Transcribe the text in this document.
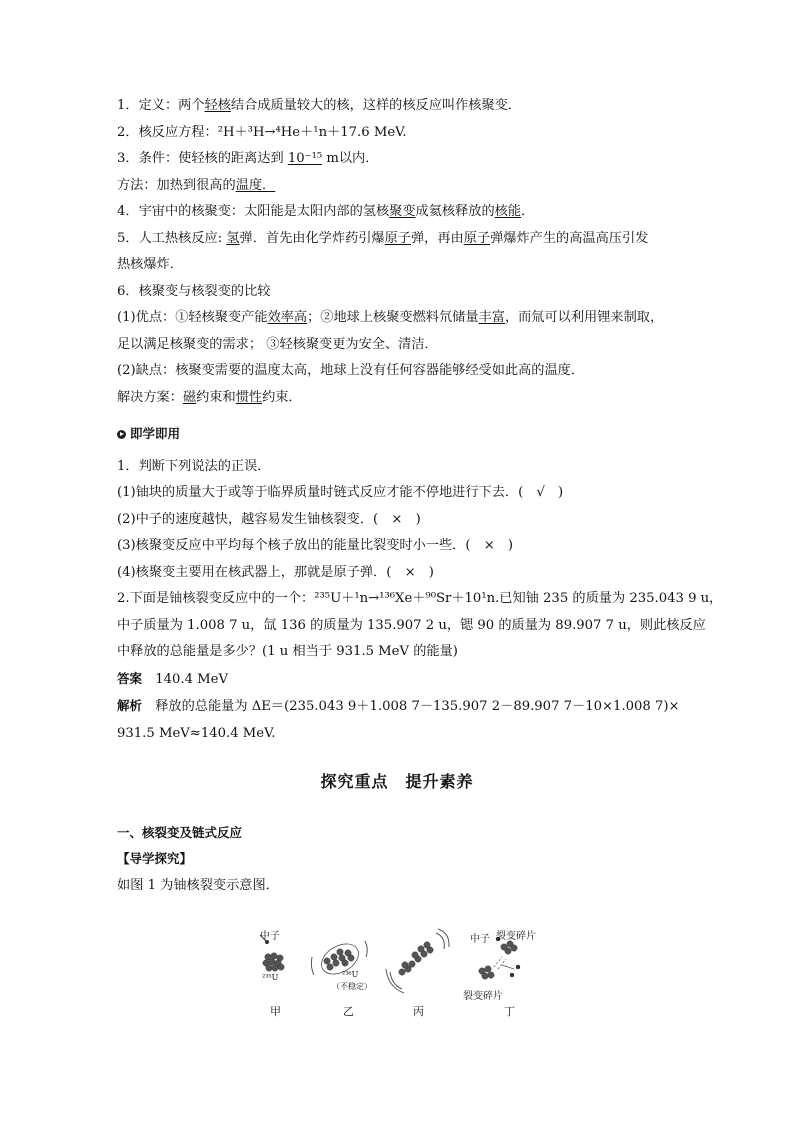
1．定义：两个轻核结合成质量较大的核，这样的核反应叫作核聚变．
2．核反应方程：²H＋³H→⁴He＋¹n＋17.6 MeV.
3．条件：使轻核的距离达到 10⁻¹⁵ m以内．
方法：加热到很高的温度．
4．宇宙中的核聚变：太阳能是太阳内部的氢核聚变成氦核释放的核能．
5．人工热核反应: 氢弹．首先由化学炸药引爆原子弹，再由原子弹爆炸产生的高温高压引发
热核爆炸．
6．核聚变与核裂变的比较
(1)优点：①轻核聚变产能效率高；②地球上核聚变燃料氘储量丰富，而氚可以利用锂来制取，
足以满足核聚变的需求； ③轻核聚变更为安全、清洁．
(2)缺点：核聚变需要的温度太高，地球上没有任何容器能够经受如此高的温度．
解决方案：磁约束和惯性约束．
即学即用
1．判断下列说法的正误．
(1)铀块的质量大于或等于临界质量时链式反应才能不停地进行下去．(　√　)
(2)中子的速度越快，越容易发生铀核裂变．(　×　)
(3)核聚变反应中平均每个核子放出的能量比裂变时小一些．(　×　)
(4)核聚变主要用在核武器上，那就是原子弹．(　×　)
2.下面是铀核裂变反应中的一个：²³⁵U＋¹n→¹³⁶Xe＋⁹⁰Sr＋10¹n.已知铀 235 的质量为 235.043 9 u，
中子质量为 1.008 7 u，氙 136 的质量为 135.907 2 u，锶 90 的质量为 89.907 7 u，则此核反应
中释放的总能量是多少？(1 u 相当于 931.5 MeV 的能量)
答案　 140.4 MeV
解析　 释放的总能量为 ΔE＝(235.043 9＋1.008 7－135.907 2－89.907 7－10×1.008 7)×
931.5 MeV≈140.4 MeV.
探究重点　提升素养
一、核裂变及链式反应
【导学探究】
如图 1 为铀核裂变示意图．
中子
²³⁵U	²³⁶U
（不稳定）
中子 裂变碎片
裂变碎片
甲	乙	丙	丁
